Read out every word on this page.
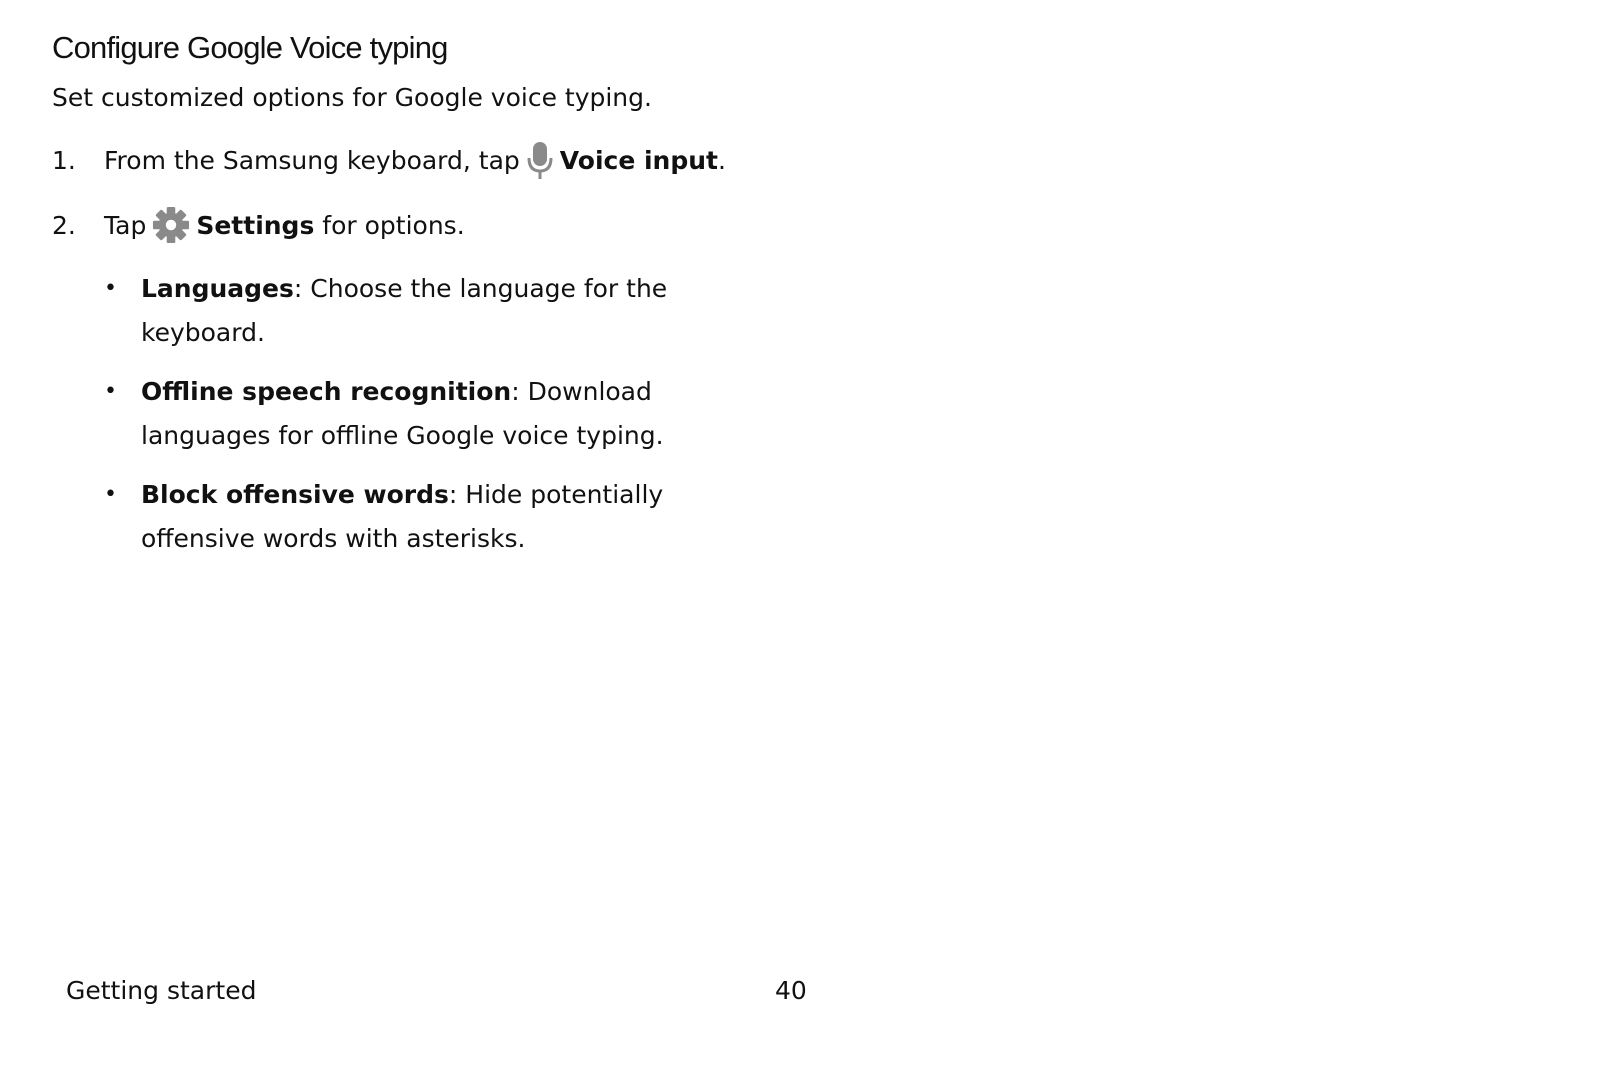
Configure Google Voice typing
Set customized options for Google voice typing.
1.	From the Samsung keyboard, tap Voice input .
2.	Tap Settings
for options.
• Languages: Choose the language for the keyboard.
• Offline speech recognition: Download languages for offline Google voice typing.
• Block offensive words: Hide potentially offensive words with asterisks.
Getting started	40
